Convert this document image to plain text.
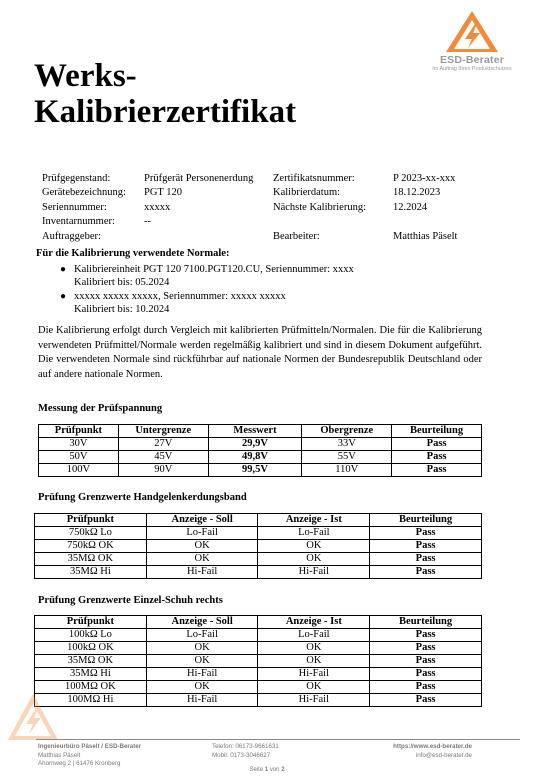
ESD-Berater
Im Auftrag Ihres Produktschutzes
Werks-
Kalibrierzertifikat
Prüfgegenstand:	Prüfgerät Personenerdung	Zertifikatsnummer:	P 2023-xx-xxx
Gerätebezeichnung:	PGT 120	Kalibrierdatum:	18.12.2023
Seriennummer:	xxxxx	Nächste Kalibrierung:	12.2024
Inventarnummer:	--		
Auftraggeber:		Bearbeiter:	Matthias Päselt
Für die Kalibrierung verwendete Normale:
● Kalibriereinheit PGT 120 7100.PGT120.CU, Seriennummer: xxxx
Kalibriert bis: 05.2024
● xxxxx xxxxx xxxxx, Seriennummer: xxxxx xxxxx
Kalibriert bis: 10.2024
Die Kalibrierung erfolgt durch Vergleich mit kalibrierten Prüfmitteln/Normalen. Die für die Kalibrierung verwendeten Prüfmittel/Normale werden regelmäßig kalibriert und sind in diesem Dokument aufgeführt. Die verwendeten Normale sind rückführbar auf nationale Normen der Bundesrepublik Deutschland oder auf andere nationale Normen.
Messung der Prüfspannung
Prüfpunkt	Untergrenze	Messwert	Obergrenze	Beurteilung
30V	27V	29,9V	33V	Pass
50V	45V	49,8V	55V	Pass
100V	90V	99,5V	110V	Pass
Prüfung Grenzwerte Handgelenkerdungsband
Prüfpunkt	Anzeige - Soll	Anzeige - Ist	Beurteilung
750kΩ Lo	Lo-Fail	Lo-Fail	Pass
750kΩ OK	OK	OK	Pass
35MΩ OK	OK	OK	Pass
35MΩ Hi	Hi-Fail	Hi-Fail	Pass
Prüfung Grenzwerte Einzel-Schuh rechts
Prüfpunkt	Anzeige - Soll	Anzeige - Ist	Beurteilung
100kΩ Lo	Lo-Fail	Lo-Fail	Pass
100kΩ OK	OK	OK	Pass
35MΩ OK	OK	OK	Pass
35MΩ Hi	Hi-Fail	Hi-Fail	Pass
100MΩ OK	OK	OK	Pass
100MΩ Hi	Hi-Fail	Hi-Fail	Pass
Ingenieurbüro Päselt / ESD-Berater
Matthias Päselt
Ahornweg 2 | 61476 Kronberg
Telefon: 06173-9661631
Mobil: 0173-3046627
https://www.esd-berater.de
info@esd-berater.de
Seite 1 von 2
